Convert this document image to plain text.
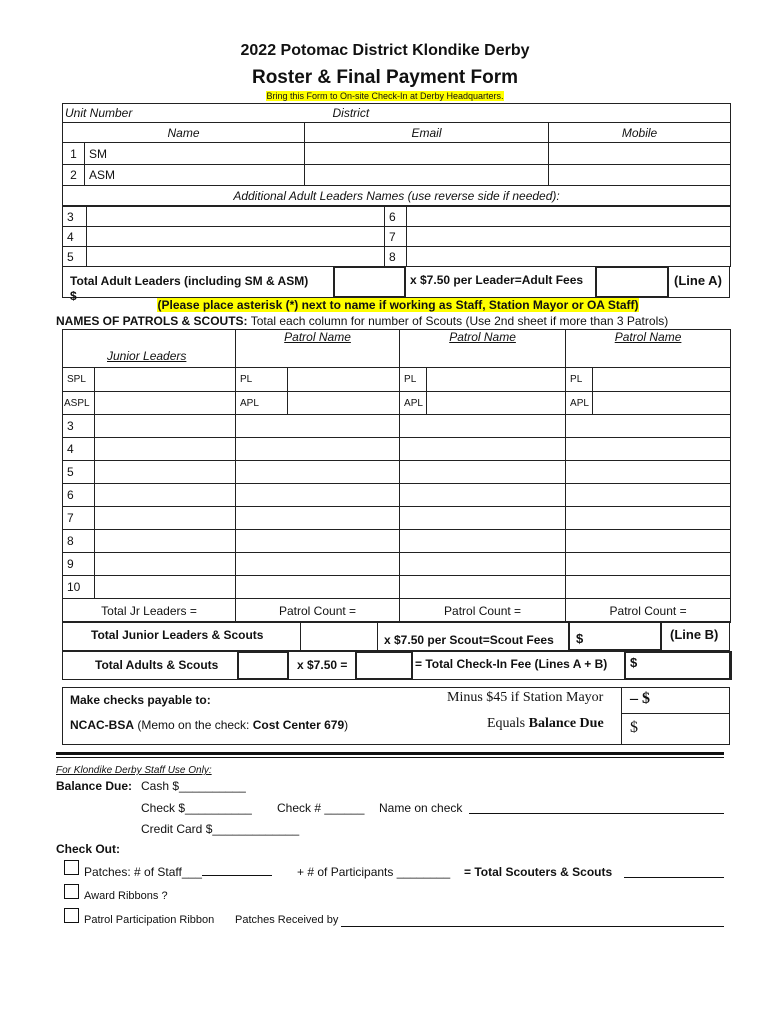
2022 Potomac District Klondike Derby
Roster & Final Payment Form
Bring this Form to On-site Check-In at Derby Headquarters.
Unit Number		District	
Name		Email	Mobile
1	SM		
2	ASM		
Additional Adult Leaders Names (use reverse side if needed):			
3		6	
4		7	
5		8	
Total Adult Leaders (including SM & ASM)	x $7.50 per Leader=Adult Fees	(Line A)
$
(Please place asterisk (*) next to name if working as Staff, Station Mayor or OA Staff)
NAMES OF PATROLS & SCOUTS: Total each column for number of Scouts (Use 2nd sheet if more than 3 Patrols)
Junior Leaders		Patrol Name		Patrol Name		Patrol Name	
SPL		PL		PL		PL	
ASPL		APL		APL		APL	
3							
4							
5							
6							
7							
8							
9							
10							
Total Jr Leaders =		Patrol Count =		Patrol Count =		Patrol Count =	
Total Junior Leaders & Scouts	x $7.50 per Scout=Scout Fees $	(Line B)
Total Adults & Scouts	x $7.50 =	= Total Check-In Fee (Lines A + B) $
Make checks payable to:
NCAC-BSA (Memo on the check: Cost Center 679)
Minus $45 if Station Mayor
Equals Balance Due
– $
$
For Klondike Derby Staff Use Only:
Balance Due: Cash $__________
Check $__________ Check # ______ Name on check
Credit Card $_____________
Check Out:
Patches: # of Staff___	+ # of Participants ________ = Total Scouters & Scouts
Award Ribbons ?
Patrol Participation Ribbon Patches Received by
